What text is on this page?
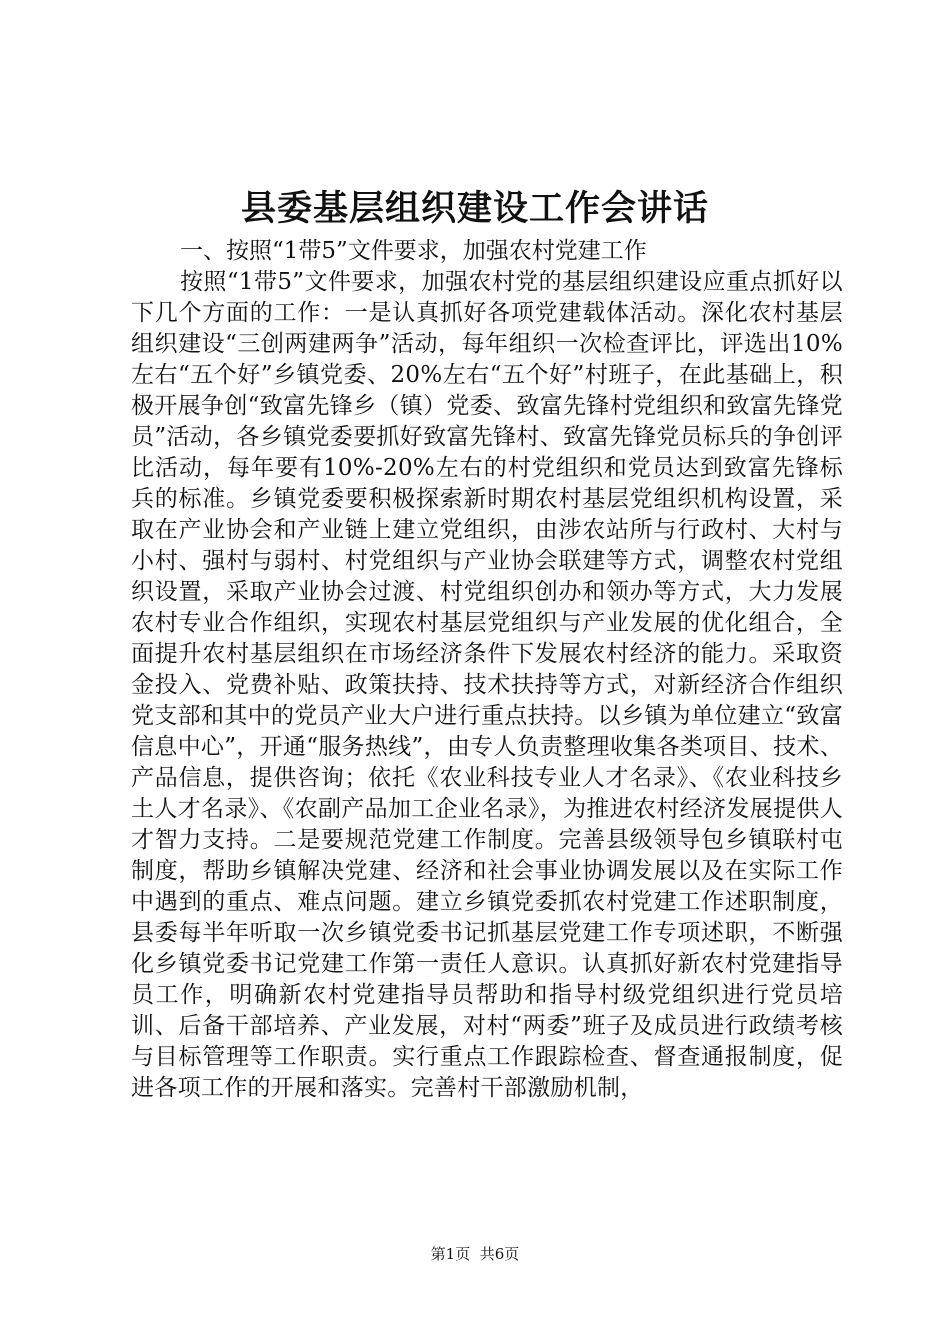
县委基层组织建设工作会讲话

一、按照“1带5”文件要求，加强农村党建工作

按照“1带5”文件要求，加强农村党的基层组织建设应重点抓好以下几个方面的工作：一是认真抓好各项党建载体活动。深化农村基层组织建设“三创两建两争”活动，每年组织一次检查评比，评选出10%左右“五个好”乡镇党委、20%左右“五个好”村班子，在此基础上，积极开展争创“致富先锋乡（镇）党委、致富先锋村党组织和致富先锋党员”活动，各乡镇党委要抓好致富先锋村、致富先锋党员标兵的争创评比活动，每年要有10%-20%左右的村党组织和党员达到致富先锋标兵的标准。乡镇党委要积极探索新时期农村基层党组织机构设置，采取在产业协会和产业链上建立党组织，由涉农站所与行政村、大村与小村、强村与弱村、村党组织与产业协会联建等方式，调整农村党组织设置，采取产业协会过渡、村党组织创办和领办等方式，大力发展农村专业合作组织，实现农村基层党组织与产业发展的优化组合，全面提升农村基层组织在市场经济条件下发展农村经济的能力。采取资金投入、党费补贴、政策扶持、技术扶持等方式，对新经济合作组织党支部和其中的党员产业大户进行重点扶持。以乡镇为单位建立“致富信息中心”，开通“服务热线”，由专人负责整理收集各类项目、技术、产品信息，提供咨询；依托《农业科技专业人才名录》、《农业科技乡土人才名录》、《农副产品加工企业名录》，为推进农村经济发展提供人才智力支持。二是要规范党建工作制度。完善县级领导包乡镇联村屯制度，帮助乡镇解决党建、经济和社会事业协调发展以及在实际工作中遇到的重点、难点问题。建立乡镇党委抓农村党建工作述职制度，县委每半年听取一次乡镇党委书记抓基层党建工作专项述职，不断强化乡镇党委书记党建工作第一责任人意识。认真抓好新农村党建指导员工作，明确新农村党建指导员帮助和指导村级党组织进行党员培训、后备干部培养、产业发展，对村“两委”班子及成员进行政绩考核与目标管理等工作职责。实行重点工作跟踪检查、督查通报制度，促进各项工作的开展和落实。完善村干部激励机制，

第1页 共6页
